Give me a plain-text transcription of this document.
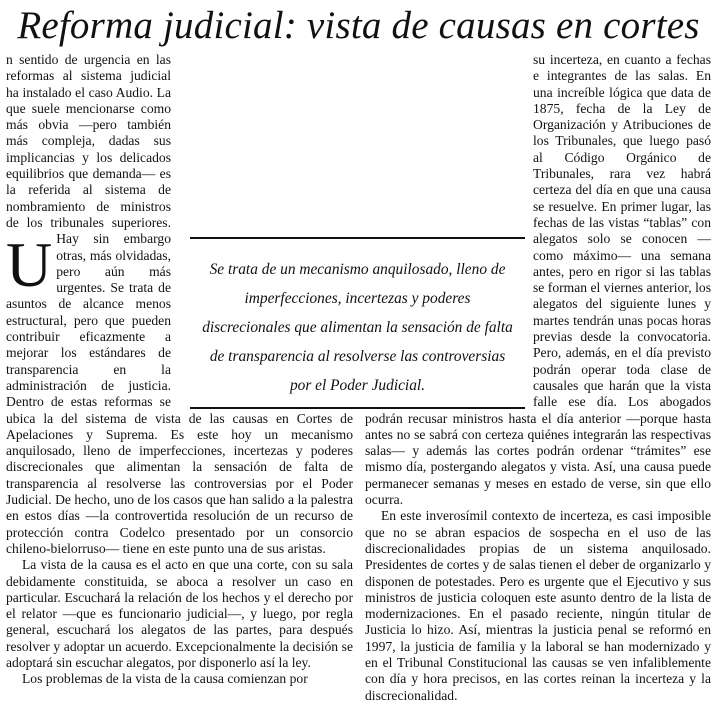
Reforma judicial: vista de causas en cortes
U

n sentido de urgencia en las reformas al sistema judicial ha instalado el caso Audio. La que suele mencionarse como más obvia —pero también más compleja, dadas sus implicancias y los delicados equilibrios que demanda— es la referida al sistema de nombramiento de ministros de los tribunales superiores. Hay sin embargo otras, más olvidadas, pero aún más urgentes. Se trata de asuntos de alcance menos estructural, pero que pueden contribuir eficazmente a mejorar los estándares de transparencia en la administración de justicia. Dentro de estas reformas se ubica la del sistema de vista de las causas en Cortes de Apelaciones y Suprema. Es este hoy un mecanismo anquilosado, lleno de imperfecciones, incertezas y poderes discrecionales que alimentan la sensación de falta de transparencia al resolverse las controversias por el Poder Judicial. De hecho, uno de los casos que han salido a la palestra en estos días —la controvertida resolución de un recurso de protección contra Codelco presentado por un consorcio chileno-bielorruso— tiene en este punto una de sus aristas.

La vista de la causa es el acto en que una corte, con su sala debidamente constituida, se aboca a resolver un caso en particular. Escuchará la relación de los hechos y el derecho por el relator —que es funcionario judicial—, y luego, por regla general, escuchará los alegatos de las partes, para después resolver y adoptar un acuerdo. Excepcionalmente la decisión se adoptará sin escuchar alegatos, por disponerlo así la ley.

Los problemas de la vista de la causa comienzan por

su incerteza, en cuanto a fechas e integrantes de las salas. En una increíble lógica que data de 1875, fecha de la Ley de Organización y Atribuciones de los Tribunales, que luego pasó al Código Orgánico de Tribunales, rara vez habrá certeza del día en que una causa se resuelve. En primer lugar, las fechas de las vistas “tablas” con alegatos solo se conocen —como máximo— una semana antes, pero en rigor si las tablas se forman el viernes anterior, los alegatos del siguiente lunes y martes tendrán unas pocas horas previas desde la convocatoria. Pero, además, en el día previsto podrán operar toda clase de causales que harán que la vista falle ese día. Los abogados podrán recusar ministros hasta el día anterior —porque hasta antes no se sabrá con certeza quiénes integrarán las respectivas salas— y además las cortes podrán ordenar “trámites” ese mismo día, postergando alegatos y vista. Así, una causa puede permanecer semanas y meses en estado de verse, sin que ello ocurra.

En este inverosímil contexto de incerteza, es casi imposible que no se abran espacios de sospecha en el uso de las discrecionalidades propias de un sistema anquilosado. Presidentes de cortes y de salas tienen el deber de organizarlo y disponen de potestades. Pero es urgente que el Ejecutivo y sus ministros de justicia coloquen este asunto dentro de la lista de modernizaciones. En el pasado reciente, ningún titular de Justicia lo hizo. Así, mientras la justicia penal se reformó en 1997, la justicia de familia y la laboral se han modernizado y en el Tribunal Constitucional las causas se ven infaliblemente con día y hora precisos, en las cortes reinan la incerteza y la discrecionalidad.

Se trata de un mecanismo anquilosado, lleno de imperfecciones, incertezas y poderes discrecionales que alimentan la sensación de falta de transparencia al resolverse las controversias por el Poder Judicial.
